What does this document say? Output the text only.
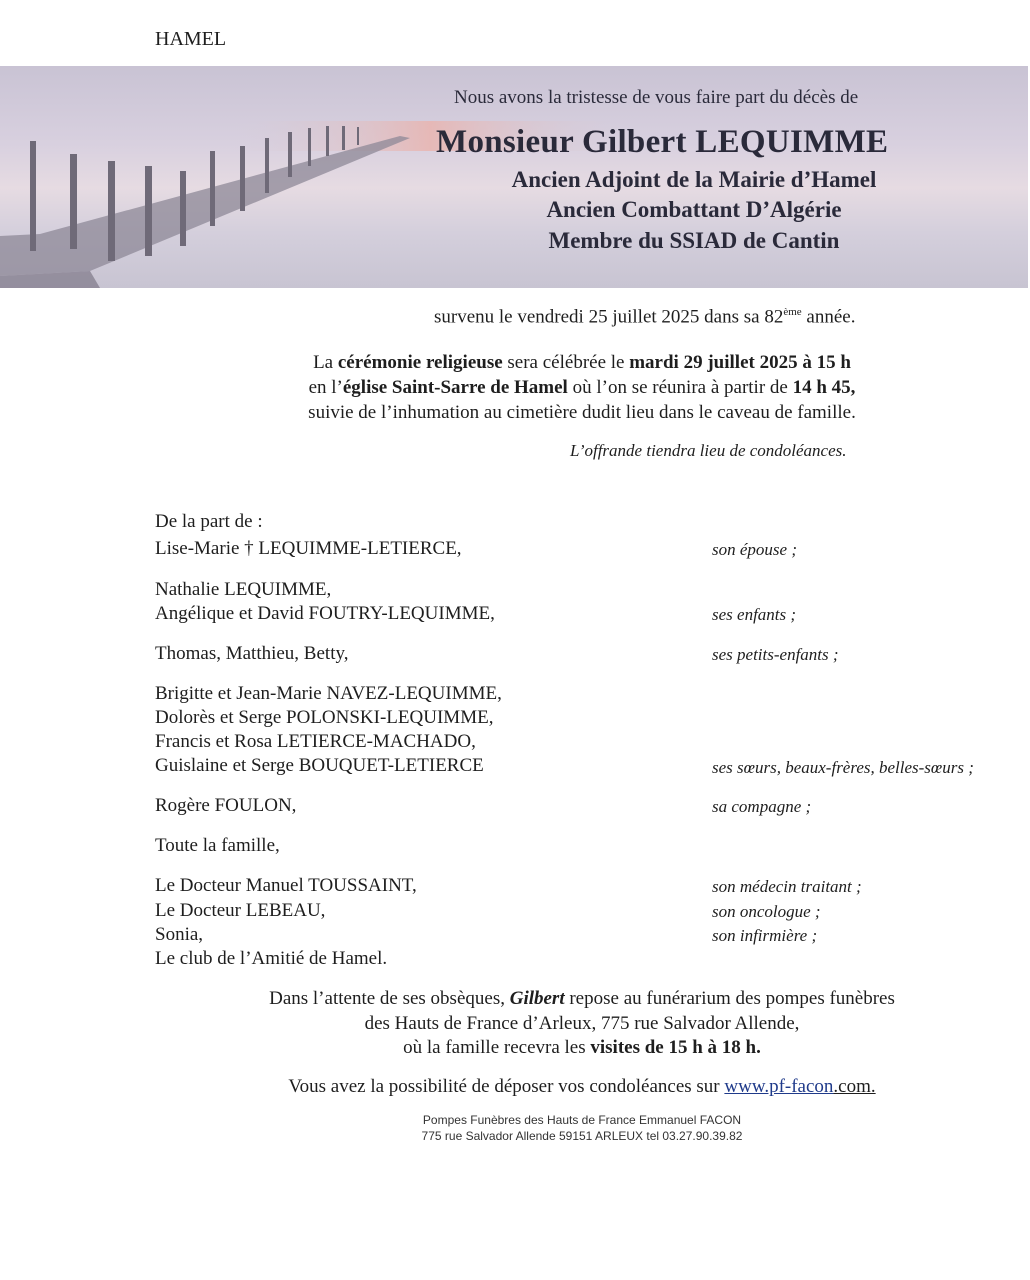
HAMEL
Nous avons la tristesse de vous faire part du décès de
Monsieur Gilbert LEQUIMME
Ancien Adjoint de la Mairie d’Hamel
Ancien Combattant D’Algérie
Membre du SSIAD de Cantin
survenu le vendredi 25 juillet 2025 dans sa 82ème année.
La cérémonie religieuse sera célébrée le mardi 29 juillet 2025 à 15 h
en l’église Saint-Sarre de Hamel où l’on se réunira à partir de 14 h 45,
suivie de l’inhumation au cimetière dudit lieu dans le caveau de famille.
L’offrande tiendra lieu de condoléances.
De la part de :
Lise-Marie † LEQUIMME-LETIERCE,	son épouse ;
Nathalie LEQUIMME,
Angélique et David FOUTRY-LEQUIMME,	ses enfants ;
Thomas, Matthieu, Betty,	ses petits-enfants ;
Brigitte et Jean-Marie NAVEZ-LEQUIMME,
Dolorès et Serge POLONSKI-LEQUIMME,
Francis et Rosa LETIERCE-MACHADO,
Guislaine et Serge BOUQUET-LETIERCE	ses sœurs, beaux-frères, belles-sœurs ;
Rogère FOULON,	sa compagne ;
Toute la famille,
Le Docteur Manuel TOUSSAINT,	son médecin traitant ;
Le Docteur LEBEAU,	son oncologue ;
Sonia,	son infirmière ;
Le club de l’Amitié de Hamel.
Dans l’attente de ses obsèques, Gilbert repose au funérarium des pompes funèbres
des Hauts de France d’Arleux, 775 rue Salvador Allende,
où la famille recevra les visites de 15 h à 18 h.
Vous avez la possibilité de déposer vos condoléances sur www.pf-facon.com.
Pompes Funèbres des Hauts de France Emmanuel FACON
775 rue Salvador Allende 59151 ARLEUX tel 03.27.90.39.82
